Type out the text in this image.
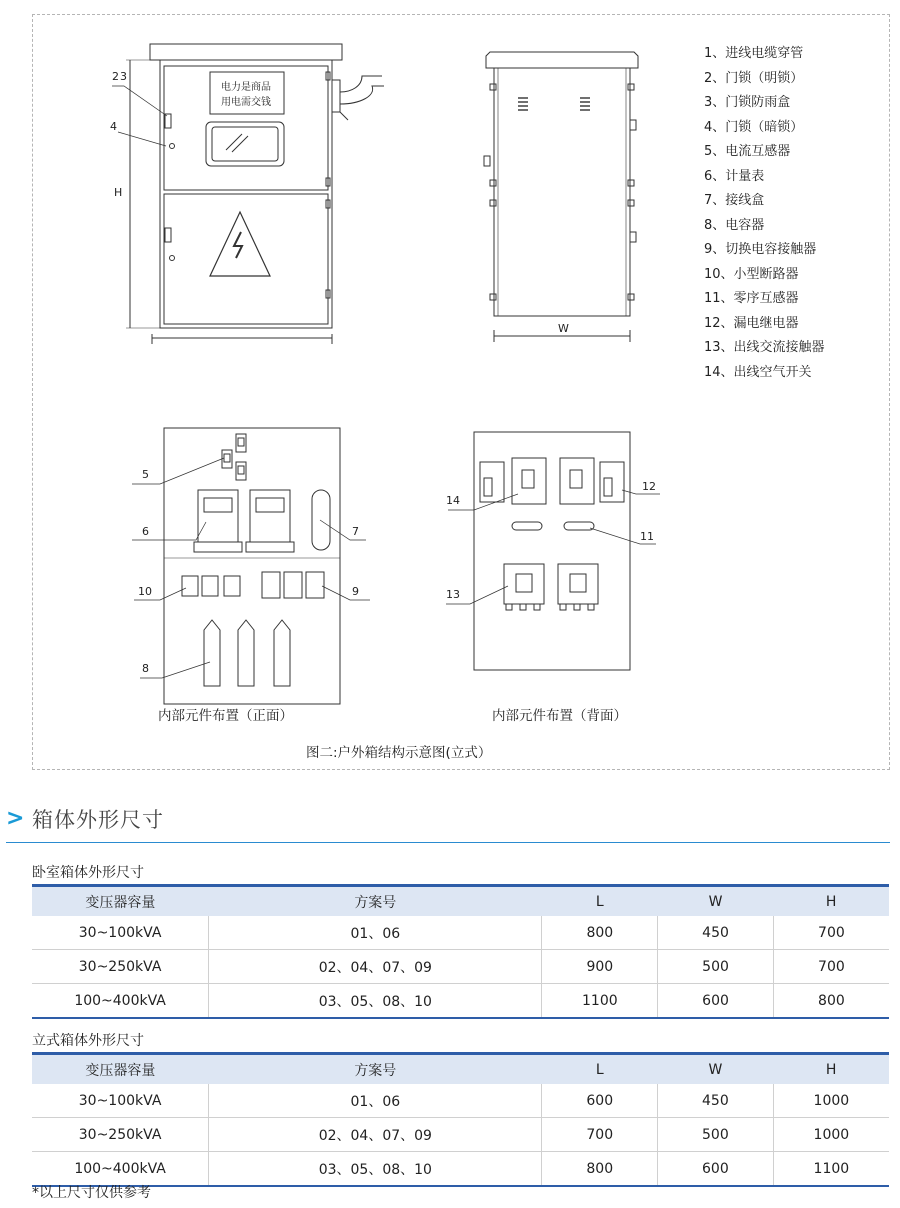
2 3
4
H
电力是商品
用电需交钱
W
5
6	7
8
9
10
11
12
13
14
1、进线电缆穿管
2、门锁（明锁）
3、门锁防雨盒
4、门锁（暗锁）
5、电流互感器
6、计量表
7、接线盒
8、电容器
9、切换电容接触器
10、小型断路器
11、零序互感器
12、漏电继电器
13、出线交流接触器
14、出线空气开关
内部元件布置（正面）	内部元件布置（背面）
图二:户外箱结构示意图(立式）
> 箱体外形尺寸
卧室箱体外形尺寸
变压器容量	方案号	L	W	H
30~100kVA	01、06	800	450	700
30~250kVA	02、04、07、09	900	500	700
100~400kVA	03、05、08、10	1100	600	800
立式箱体外形尺寸
变压器容量	方案号	L	W	H
30~100kVA	01、06	600	450	1000
30~250kVA	02、04、07、09	700	500	1000
100~400kVA	03、05、08、10	800	600	1100
*以上尺寸仅供参考
